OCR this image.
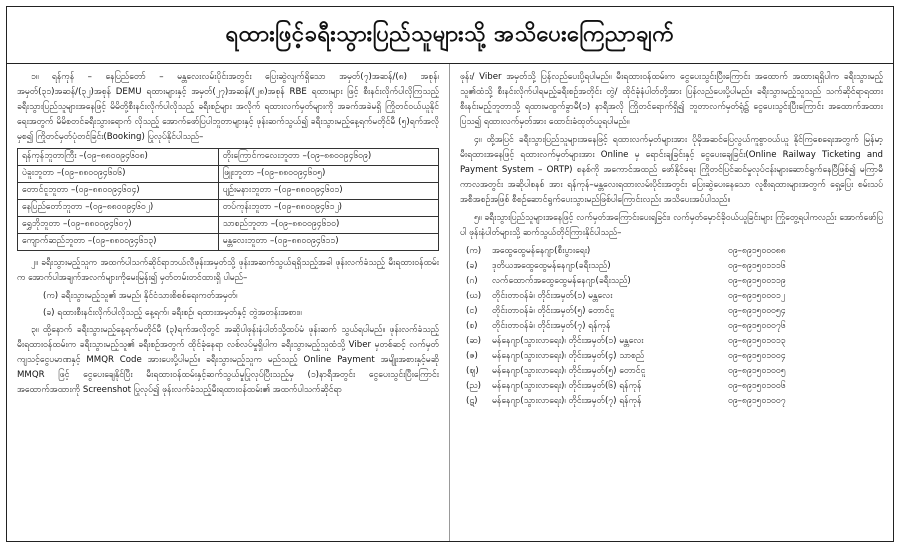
ရထားဖြင့်ခရီးသွားပြည်သူများသို့ အသိပေးကြေညာချက်

၁။ ရန်ကုန် – နေပြည်တော် – မန္တလေးလမ်းပိုင်းအတွင်း ပြေးဆွဲလျက်ရှိသော အမှတ်(၇)အဆန်/(၈) အစုန်၊ အမှတ်(၃၁)အဆန်/(၃၂)အစုန် DEMU ရထားများနှင့် အမှတ်(၂၇)အဆန်/(၂၈)အစုန် RBE ရထားများ ဖြင့် စီးနင်းလိုက်ပါလိုကြသည့် ခရီးသွားပြည်သူများအနေဖြင့် မိမိတို့စီးနင်းလိုက်ပါလိုသည့် ခရီးစဉ်များ အလိုက် ရထားလက်မှတ်များကို အခက်အခဲမရှိ ကြိုတင်ဝယ်ယူနိုင်ရေးအတွက် မိမိစတင်ခရီးသွားရောက် လိုသည့် အောက်ဖော်ပြပါဘူတာများနှင့် ဖုန်းဆက်သွယ်၍ ခရီးသွားမည့်နေ့ရက်မတိုင်မီ (၅)ရက်အလိုမှစ၍ ကြိုတင်မှတ်ပုံတင်ခြင်း(Booking) ပြုလုပ်နိုင်ပါသည်–

ရန်ကုန်ဘူတာကြီး –(၀၉–၈၈၀၀၉၄၆၀၈)	တိုးကြောင်ကလေးဘူတာ –(၀၉–၈၈၀၀၉၄၆၀၉)
ပဲခူးဘူတာ –(၀၉–၈၈၀၀၉၄၆၀၆)	ဖြူးဘူတာ –(၀၉–၈၈၀၀၉၄၆၀၅)
တောင်ငူဘူတာ –(၀၉–၈၈၀၀၉၄၆၀၄)	ပျဉ်းမနားဘူတာ –(၀၉–၈၈၀၀၉၄၆၀၁)
နေပြည်တော်ဘူတာ –(၀၉–၈၈၀၀၉၄၆၀၂)	တပ်ကုန်းဘူတာ –(၀၉–၈၈၀၀၉၄၆၁၂)
ရွှေဘိုဘူတာ –(၀၉–၈၈၀၀၉၄၆၀၇)	သာစည်ဘူတာ –(၀၉–၈၈၀၀၉၄၆၁၀)
ကျောက်ဆည်ဘူတာ –(၀၉–၈၈၀၀၉၄၆၁၃)	မန္တလေးဘူတာ –(၀၉–၈၈၀၀၉၄၆၁၁)

၂။ ခရီးသွားမည့်သူက အထက်ပါသက်ဆိုင်ရာဘယ်လီဖုန်းအမှတ်သို့ ဖုန်းအဆက်သွယ်ရရှိသည့်အခါ ဖုန်းလက်ခံသည့် မီးရထားဝန်ထမ်းက အောက်ပါအချက်အလက်များကိုမေးမြန်း၍ မှတ်တမ်းတင်ထားရှိ ပါမည်–

(က) ခရီးသွားမည့်သူ၏ အမည်၊ နိုင်ငံသားစိစစ်ရေးကတ်အမှတ်၊

(ခ) ရထားစီးနင်းလိုက်ပါလိုသည့် နေ့ရက်၊ ခရီးစဉ်၊ ရထားအမှတ်နှင့် တွဲအတန်းအစား။

၃။ ထို့နောက် ခရီးသွားမည့်နေ့ရက်မတိုင်မီ (၃)ရက်အလိုတွင် အဆိုပါဖုန်းနံပါတ်သို့ထပ်မံ ဖုန်းဆက် သွယ်ရပါမည်။ ဖုန်းလက်ခံသည့်မီးရထားဝန်ထမ်းက ခရီးသွားမည့်သူ၏ ခရီးစဉ်အတွက် ထိုင်ခုံနေရာ လစ်လပ်မှုရှိပါက ခရီးသွားမည့်သူထံသို့ Viber မှတစ်ဆင့် လက်မှတ်ကျသင့်ငွေပမာဏနှင့် MMQR Code အားပေးပို့ပါမည်။ ခရီးသွားမည့်သူက မည်သည့် Online Payment အမျိုးအစားနှင့်မဆို MMQR ဖြင့် ငွေပေးချေနိုင်ပြီး မီးရထားဝန်ထမ်းနှင့်ဆက်သွယ်မှုပြုလုပ်ပြီးသည့်မှ (၁)နာရီအတွင်း ငွေပေးသွင်းပြီးကြောင်း အထောက်အထားကို Screenshot ပြုလုပ်၍ ဖုန်းလက်ခံသည့်မီးရထားဝန်ထမ်း၏ အထက်ပါသက်ဆိုင်ရာ

ဖုန်း/ Viber အမှတ်သို့ ပြန်လည်ပေးပို့ရပါမည်။ မီးရထားဝန်ထမ်းက ငွေပေးသွင်းပြီးကြောင်း အထောက် အထားရရှိပါက ခရီးသွားမည့်သူ၏ထံသို့ စီးနင်းလိုက်ပါရမည့်ခရီးစဉ်အတိုင်း တွဲ/ ထိုင်ခုံနံပါတ်တို့အား ပြန်လည်ပေးပို့ပါမည်။ ခရီးသွားမည့်သူသည် သက်ဆိုင်ရာရထားစီးနင်းမည့်ဘူတာသို့ ရထားမထွက်ခွာမီ(၁) နာရီအလို ကြိုတင်ရောက်ရှိ၍ ဘူတာလက်မှတ်ရုံ၌ ငွေပေးသွင်းပြီးကြောင်း အထောက်အထားပြသ၍ ရထားလက်မှတ်အား ထောင်းခံထုတ်ယူရပါမည်။

၄။ ထို့အပြင် ခရီးသွားပြည်သူများအနေဖြင့် ရထားလက်မှတ်များအား ပိုမိုအဆင်ပြေလွယ်ကူစွာဝယ်ယူ နိုင်ကြစေရေးအတွက် မြန်မာ့မီးရထားအနေဖြင့် ရထားလက်မှတ်များအား Online မှ ရောင်းချခြင်းနှင့် ငွေပေးချေခြင်း(Online Railway Ticketing and Payment System – ORTP) စနစ်ကို အကောင်အထည် ဖော်နိုင်ရေး ကြိုတင်ပြင်ဆင်မှုလုပ်ငန်းများဆောင်ရွက်နေပြီဖြစ်၍ မကြာမီကာလအတွင်း အဆိုပါစနစ် အား ရန်ကုန်–မန္တလေးရထားလမ်းပိုင်းအတွင်း ပြေးဆွဲပေးနေသော လူစီးရထားများအတွက် ရှေ့ပြေး စမ်းသပ်အစီအစဉ်အဖြစ် စီစဉ်ဆောင်ရွက်ပေးသွားမည်ဖြစ်ပါကြောင်းလည်း အသိပေးအပ်ပါသည်။

၅။ ခရီးသွားပြည်သူများအနေဖြင့် လက်မှတ်အကြောင်းပေးရခြင်း၊ လက်မှတ်မှောင်ခိုဝယ်ယူခြင်းများ ကြုံတွေ့ရပါကလည်း အောက်ဖော်ပြပါ ဖုန်းနံပါတ်များသို့ ဆက်သွယ်တိုင်ကြားနိုင်ပါသည်–

(က)	အထွေထွေမန်နေဂျာ(စီးပွားရေး)	၀၉–၈၉၁၅၀၀၀၈၈
(ခ)	ဒုတိယအထွေထွေမန်နေဂျာ(ခရီးသည်)	၀၉–၈၉၁၅၀၁၁၁၆
(ဂ)	လက်ထောက်အထွေထွေမန်နေဂျာ(ခရီးသည်)	၀၉–၈၉၁၅၀၀၁၁၉
(ဃ)	တိုင်းတာဝန်ခံ၊ တိုင်းအမှတ်(၁) မန္တလေး	၀၉–၈၉၁၅၀၀၀၁၂
(င)	တိုင်းတာဝန်ခံ၊ တိုင်းအမှတ်(၅) တောင်ငူ	၀၉–၈၉၁၅၀၀၀၅၄
(စ)	တိုင်းတာဝန်ခံ၊ တိုင်းအမှတ်(၇) ရန်ကုန်	၀၉–၈၉၁၅၀၀၀၇၆
(ဆ)	မန်နေဂျာ(သွားလာရေး)၊ တိုင်းအမှတ်(၁) မန္တလေး	၀၉–၈၉၁၅၀၁၀၁၃
(ဇ)	မန်နေဂျာ(သွားလာရေး)၊ တိုင်းအမှတ်(၄) သာစည်	၀၉–၈၉၁၅၀၁၀၀၄
(ဈ)	မန်နေဂျာ(သွားလာရေး)၊ တိုင်းအမှတ်(၅) တောင်ငူ	၀၉–၈၉၁၅၀၁၀၀၅
(ည)	မန်နေဂျာ(သွားလာရေး)၊ တိုင်းအမှတ်(၆) ရန်ကုန်	၀၉–၈၉၁၅၀၁၀၀၆
(ဋ)	မန်နေဂျာ(သွားလာရေး)၊ တိုင်းအမှတ်(၇) ရန်ကုန်	၀၉–၈၉၁၅၀၁၀၀၇
